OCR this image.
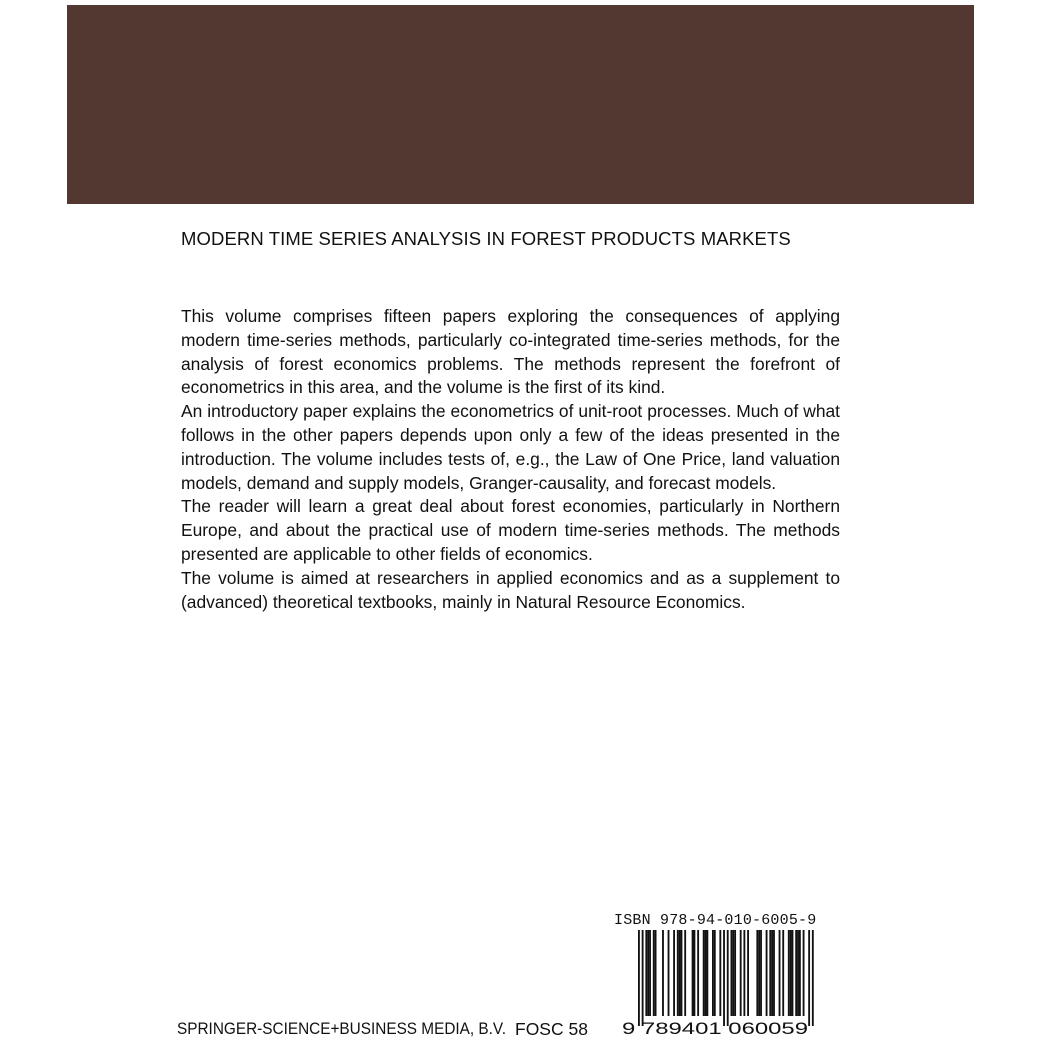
MODERN TIME SERIES ANALYSIS IN FOREST PRODUCTS MARKETS

This volume comprises fifteen papers exploring the consequences of applying modern time-series methods, particularly co-integrated time-series methods, for the analysis of forest economics problems. The methods represent the forefront of econometrics in this area, and the volume is the first of its kind.

An introductory paper explains the econometrics of unit-root processes. Much of what follows in the other papers depends upon only a few of the ideas presented in the introduction. The volume includes tests of, e.g., the Law of One Price, land valuation models, demand and supply models, Granger-causality, and forecast models.

The reader will learn a great deal about forest economies, particularly in Northern Europe, and about the practical use of modern time-series methods. The methods presented are applicable to other fields of economics.

The volume is aimed at researchers in applied economics and as a supplement to (advanced) theoretical textbooks, mainly in Natural Resource Economics.

SPRINGER-SCIENCE+BUSINESS MEDIA, B.V. FOSC 58
ISBN 978-94-010-6005-9
9 789401 060059
